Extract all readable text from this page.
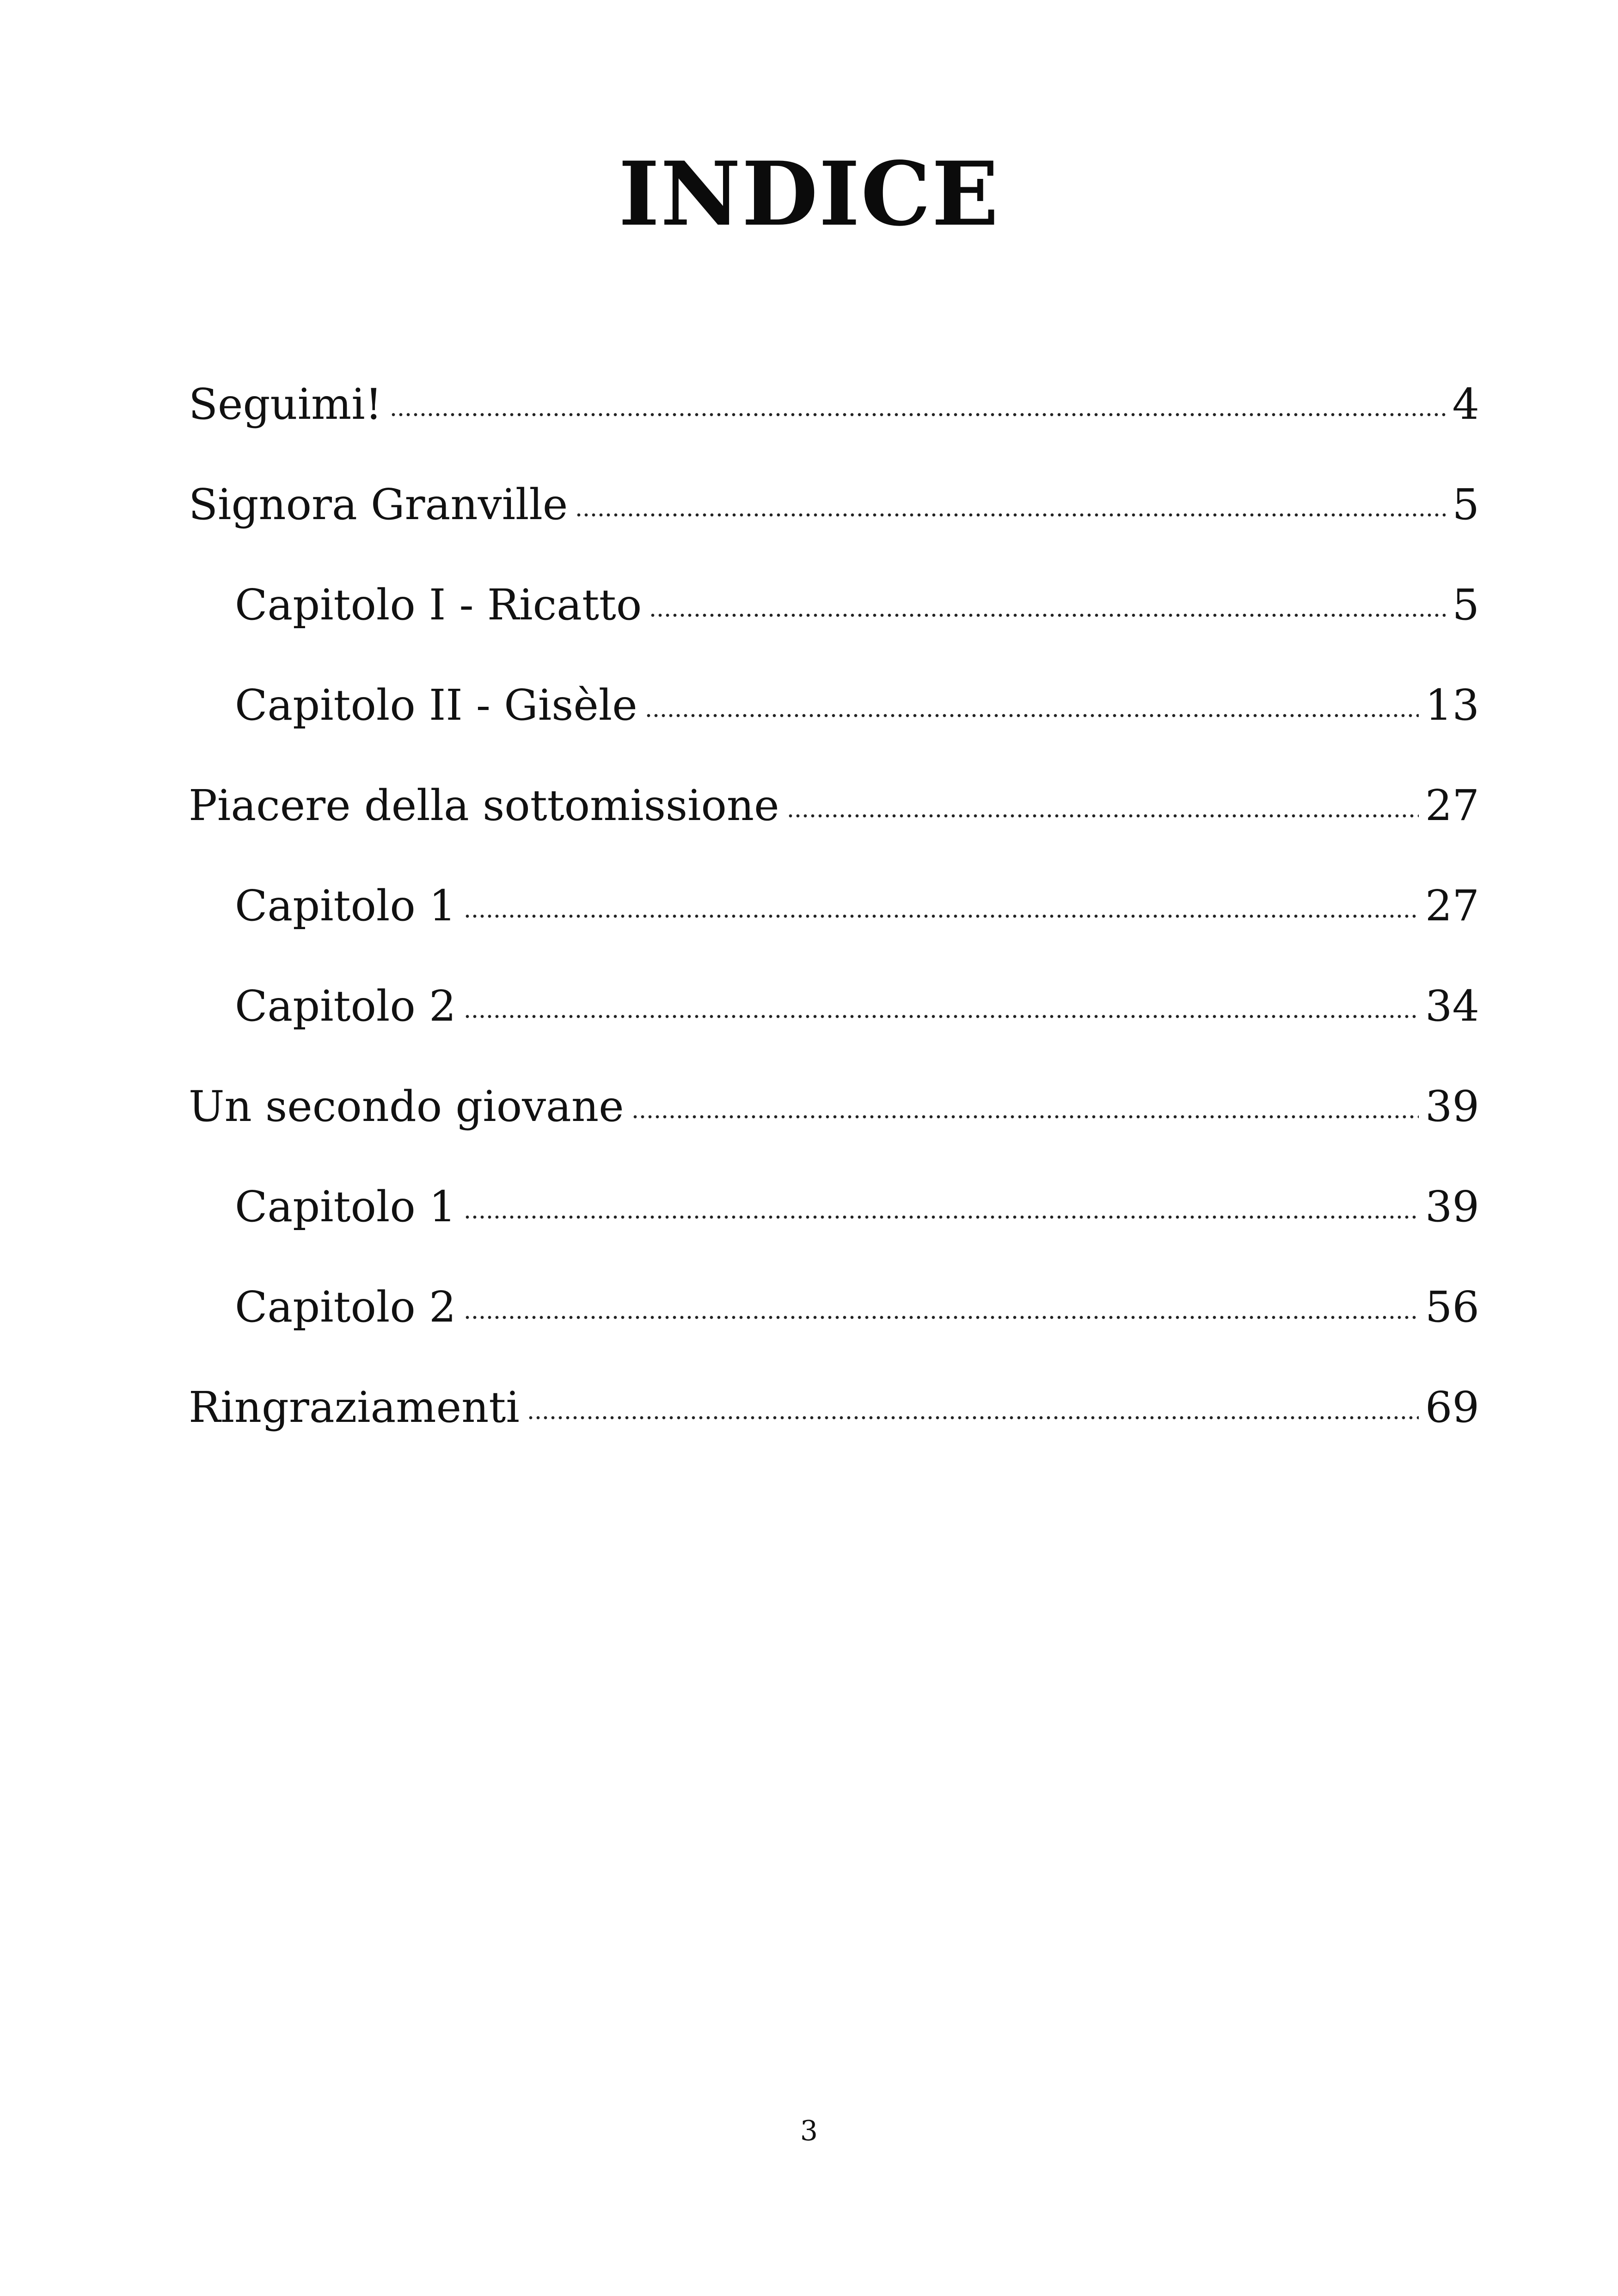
INDICE
Seguimi!	4
Signora Granville	5
Capitolo I - Ricatto	5
Capitolo II - Gisèle	13
Piacere della sottomissione	27
Capitolo 1	27
Capitolo 2	34
Un secondo giovane	39
Capitolo 1	39
Capitolo 2	56
Ringraziamenti	69
3
